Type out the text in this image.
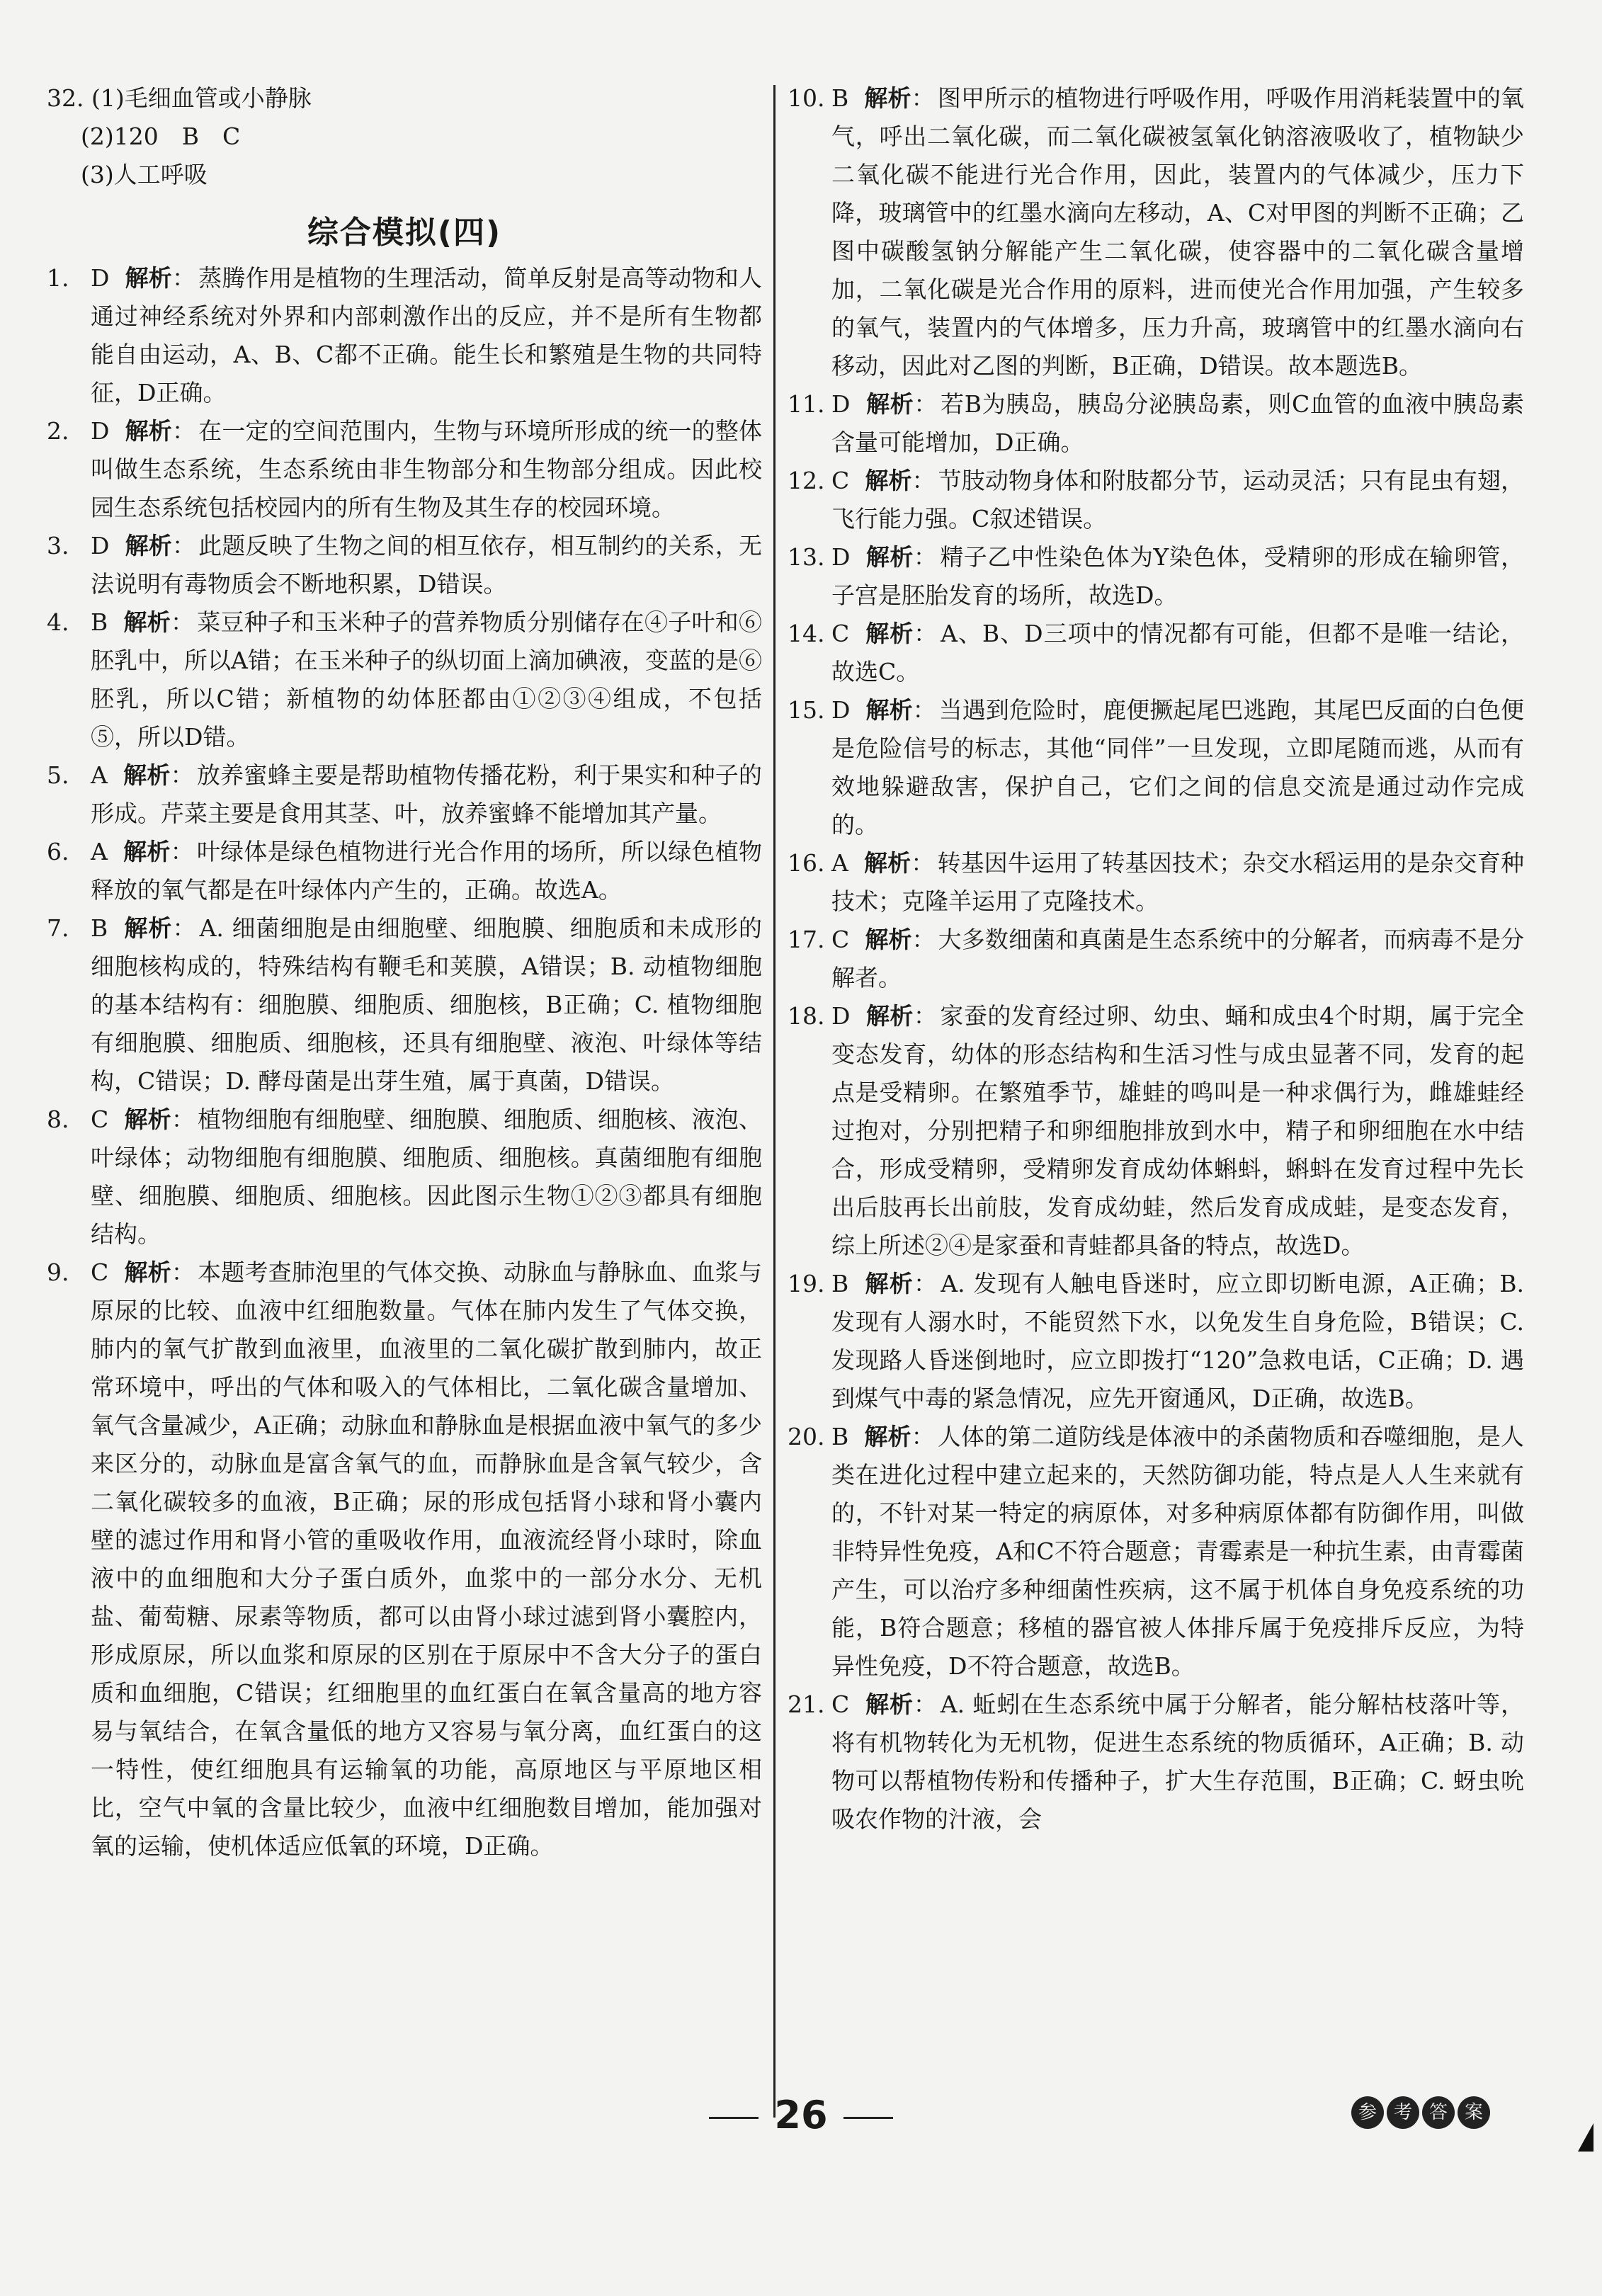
32. (1)毛细血管或小静脉

(2)120　B　C

(3)人工呼吸

综合模拟(四)

1. D 解析 ： 蒸腾作用是植物的生理活动，简单反射是高等动物和人通过神经系统对外界和内部刺激作出的反应，并不是所有生物都能自由运动，A、B、C都不正确。能生长和繁殖是生物的共同特征，D正确。

2. D 解析 ： 在一定的空间范围内，生物与环境所形成的统一的整体叫做生态系统，生态系统由非生物部分和生物部分组成。因此校园生态系统包括校园内的所有生物及其生存的校园环境。

3. D 解析 ： 此题反映了生物之间的相互依存，相互制约的关系，无法说明有毒物质会不断地积累，D错误。

4. B 解析 ： 菜豆种子和玉米种子的营养物质分别储存在④子叶和⑥胚乳中，所以A错；在玉米种子的纵切面上滴加碘液，变蓝的是⑥胚乳，所以C错；新植物的幼体胚都由①②③④组成，不包括⑤，所以D错。

5. A 解析 ： 放养蜜蜂主要是帮助植物传播花粉，利于果实和种子的形成。芹菜主要是食用其茎、叶，放养蜜蜂不能增加其产量。

6. A 解析 ： 叶绿体是绿色植物进行光合作用的场所，所以绿色植物释放的氧气都是在叶绿体内产生的，正确。故选A。

7. B 解析 ： A. 细菌细胞是由细胞壁、细胞膜、细胞质和未成形的细胞核构成的，特殊结构有鞭毛和荚膜，A错误；B. 动植物细胞的基本结构有：细胞膜、细胞质、细胞核，B正确；C. 植物细胞有细胞膜、细胞质、细胞核，还具有细胞壁、液泡、叶绿体等结构，C错误；D. 酵母菌是出芽生殖，属于真菌，D错误。

8. C 解析 ： 植物细胞有细胞壁、细胞膜、细胞质、细胞核、液泡、叶绿体；动物细胞有细胞膜、细胞质、细胞核。真菌细胞有细胞壁、细胞膜、细胞质、细胞核。因此图示生物①②③都具有细胞结构。

9. C 解析 ： 本题考查肺泡里的气体交换、动脉血与静脉血、血浆与原尿的比较、血液中红细胞数量。气体在肺内发生了气体交换，肺内的氧气扩散到血液里，血液里的二氧化碳扩散到肺内，故正常环境中，呼出的气体和吸入的气体相比，二氧化碳含量增加、氧气含量减少，A正确；动脉血和静脉血是根据血液中氧气的多少来区分的，动脉血是富含氧气的血，而静脉血是含氧气较少，含二氧化碳较多的血液，B正确；尿的形成包括肾小球和肾小囊内壁的滤过作用和肾小管的重吸收作用，血液流经肾小球时，除血液中的血细胞和大分子蛋白质外，血浆中的一部分水分、无机盐、葡萄糖、尿素等物质，都可以由肾小球过滤到肾小囊腔内，形成原尿，所以血浆和原尿的区别在于原尿中不含大分子的蛋白质和血细胞，C错误；红细胞里的血红蛋白在氧含量高的地方容易与氧结合，在氧含量低的地方又容易与氧分离，血红蛋白的这一特性，使红细胞具有运输氧的功能，高原地区与平原地区相比，空气中氧的含量比较少，血液中红细胞数目增加，能加强对氧的运输，使机体适应低氧的环境，D正确。

10. B 解析 ： 图甲所示的植物进行呼吸作用，呼吸作用消耗装置中的氧气，呼出二氧化碳，而二氧化碳被氢氧化钠溶液吸收了，植物缺少二氧化碳不能进行光合作用，因此，装置内的气体减少，压力下降，玻璃管中的红墨水滴向左移动，A、C对甲图的判断不正确；乙图中碳酸氢钠分解能产生二氧化碳，使容器中的二氧化碳含量增加，二氧化碳是光合作用的原料，进而使光合作用加强，产生较多的氧气，装置内的气体增多，压力升高，玻璃管中的红墨水滴向右移动，因此对乙图的判断，B正确，D错误。故本题选B。

11. D 解析 ： 若B为胰岛，胰岛分泌胰岛素，则C血管的血液中胰岛素含量可能增加，D正确。

12. C 解析 ： 节肢动物身体和附肢都分节，运动灵活；只有昆虫有翅，飞行能力强。C叙述错误。

13. D 解析 ： 精子乙中性染色体为Y染色体，受精卵的形成在输卵管，子宫是胚胎发育的场所，故选D。

14. C 解析 ： A、B、D三项中的情况都有可能，但都不是唯一结论，故选C。

15. D 解析 ： 当遇到危险时，鹿便撅起尾巴逃跑，其尾巴反面的白色便是危险信号的标志，其他“同伴”一旦发现，立即尾随而逃，从而有效地躲避敌害，保护自己，它们之间的信息交流是通过动作完成的。

16. A 解析 ： 转基因牛运用了转基因技术；杂交水稻运用的是杂交育种技术；克隆羊运用了克隆技术。

17. C 解析 ： 大多数细菌和真菌是生态系统中的分解者，而病毒不是分解者。

18. D 解析 ： 家蚕的发育经过卵、幼虫、蛹和成虫4个时期，属于完全变态发育，幼体的形态结构和生活习性与成虫显著不同，发育的起点是受精卵。在繁殖季节，雄蛙的鸣叫是一种求偶行为，雌雄蛙经过抱对，分别把精子和卵细胞排放到水中，精子和卵细胞在水中结合，形成受精卵，受精卵发育成幼体蝌蚪，蝌蚪在发育过程中先长出后肢再长出前肢，发育成幼蛙，然后发育成成蛙，是变态发育，综上所述②④是家蚕和青蛙都具备的特点，故选D。

19. B 解析 ： A. 发现有人触电昏迷时，应立即切断电源，A正确；B. 发现有人溺水时，不能贸然下水，以免发生自身危险，B错误；C. 发现路人昏迷倒地时，应立即拨打“120”急救电话，C正确；D. 遇到煤气中毒的紧急情况，应先开窗通风，D正确，故选B。

20. B 解析 ： 人体的第二道防线是体液中的杀菌物质和吞噬细胞，是人类在进化过程中建立起来的，天然防御功能，特点是人人生来就有的，不针对某一特定的病原体，对多种病原体都有防御作用，叫做非特异性免疫，A和C不符合题意；青霉素是一种抗生素，由青霉菌产生，可以治疗多种细菌性疾病，这不属于机体自身免疫系统的功能，B符合题意；移植的器官被人体排斥属于免疫排斥反应，为特异性免疫，D不符合题意，故选B。

21. C 解析 ： A. 蚯蚓在生态系统中属于分解者，能分解枯枝落叶等，将有机物转化为无机物，促进生态系统的物质循环，A正确；B. 动物可以帮植物传粉和传播种子，扩大生存范围，B正确；C. 蚜虫吮吸农作物的汁液，会

26	参 考 答 案
